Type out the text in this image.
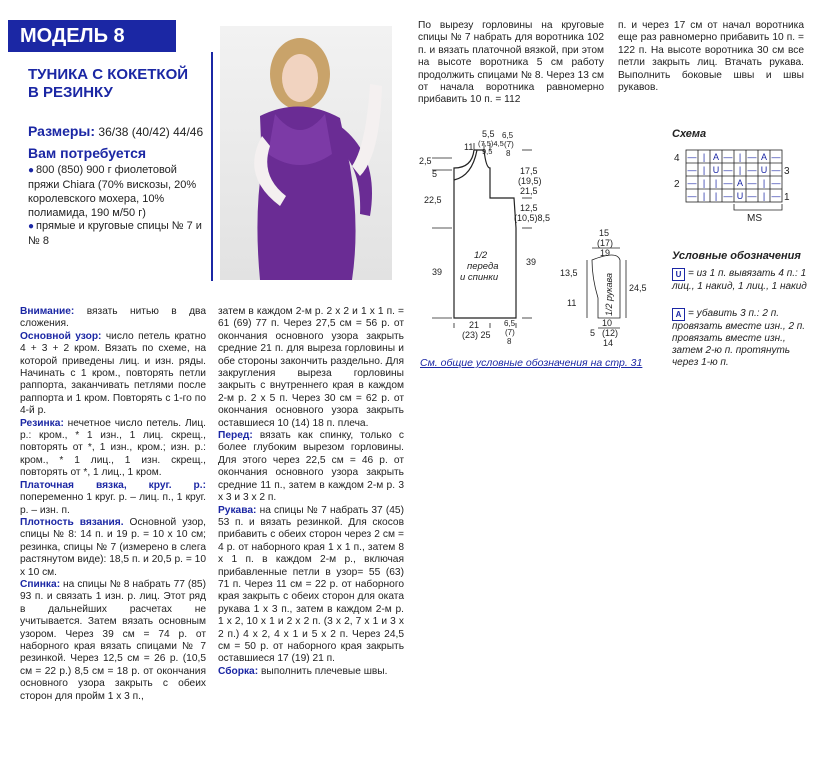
МОДЕЛЬ 8
ТУНИКА С КОКЕТКОЙ
В РЕЗИНКУ
Размеры: 36/38 (40/42) 44/46
Вам потребуется
● 800 (850) 900 г фиолетовой пряжи Chiara (70% вискозы, 20% королевского мохера, 10% полиамида, 190 м/50 г)
● прямые и круговые спицы № 7 и № 8

Внимание: вязать нитью в два сложения.

Основной узор: число петель кратно 4 + 3 + 2 кром. Вязать по схеме, на которой приведены лиц. и изн. ряды. Начинать с 1 кром., повторять петли раппорта, заканчивать петлями после раппорта и 1 кром. Повторять с 1-го по 4-й р.

Резинка: нечетное число петель. Лиц. р.: кром., * 1 изн., 1 лиц. скрещ., повторять от *, 1 изн., кром.; изн. р.: кром., * 1 лиц., 1 изн. скрещ., повторять от *, 1 лиц., 1 кром.

Платочная вязка, круг. р.: попеременно 1 круг. р. – лиц. п., 1 круг. р. – изн. п.

Плотность вязания. Основной узор, спицы № 8: 14 п. и 19 р. = 10 х 10 см; резинка, спицы № 7 (измерено в слега растянутом виде): 18,5 п. и 20,5 р. = 10 х 10 см.

Спинка: на спицы № 8 набрать 77 (85) 93 п. и связать 1 изн. р. лиц. Этот ряд в дальнейших расчетах не учитывается. Затем вязать основным узором. Через 39 см = 74 р. от наборного края вязать спицами № 7 резинкой. Через 12,5 см = 26 р. (10,5 см = 22 р.) 8,5 см = 18 р. от окончания основного узора закрыть с обеих сторон для пройм 1 х 3 п.,

затем в каждом 2-м р. 2 х 2 и 1 х 1 п. = 61 (69) 77 п. Через 27,5 см = 56 р. от окончания основного узора закрыть средние 21 п. для выреза горловины и обе стороны закончить раздельно. Для закругления выреза горловины закрыть с внутреннего края в каждом 2-м р. 2 х 5 п. Через 30 см = 62 р. от окончания основного узора закрыть оставшиеся 10 (14) 18 п. плеча.

Перед: вязать как спинку, только с более глубоким вырезом горловины. Для этого через 22,5 см = 46 р. от окончания основного узора закрыть средние 11 п., затем в каждом 2-м р. 3 х 3 и 3 х 2 п.

Рукава: на спицы № 7 набрать 37 (45) 53 п. и вязать резинкой. Для скосов прибавить с обеих сторон через 2 см = 4 р. от наборного края 1 х 1 п., затем 8 х 1 п. в каждом 2-м р., включая прибавленные петли в узор= 55 (63) 71 п. Через 11 см = 22 р. от наборного края закрыть с обеих сторон для оката рукава 1 х 3 п., затем в каждом 2-м р. 1 х 2, 10 х 1 и 2 х 2 п. (3 х 2, 7 х 1 и 3 х 2 п.) 4 х 2, 4 х 1 и 5 х 2 п. Через 24,5 см = 50 р. от наборного края закрыть оставшиеся 17 (19) 21 п.

Сборка: выполнить плечевые швы.

По вырезу горловины на круговые спицы № 7 набрать для воротника 102 п. и вязать платочной вязкой, при этом на высоте воротника 5 см работу продолжить спицами № 8. Через 13 см от начала воротника равномерно прибавить 10 п. = 112
п. и через 17 см от начал воротника еще раз равномерно прибавить 10 п. = 122 п. На высоте воротника 30 см все петли закрыть лиц. Втачать рукава. Выполнить боковые швы и швы рукавов.
11
5,5
(7,5)4,5
9,5
6,5
(7)
8
2,5
5
22,5
17,5
(19,5)
21,5
12,5
(10,5)8,5
39
39
21
(23) 25
6,5
(7)
8
1/2
переда
и спинки
15
(17)
19
13,5
11
24,5
5
10
(12)
14
1/2 рукава
См. общие условные обозначения на стр. 31
Схема
4
2
3
1
MS
A	A
| — | —
—	—
U	U
— | — | — —
A
— | | — — | —
U
— | | — — | —
Условные обозначения
U = из 1 п. вывязать 4 п.: 1 лиц., 1 накид, 1 лиц., 1 накид
A = убавить 3 п.: 2 п. провязать вместе изн., 2 п. провязать вместе изн., затем 2-ю п. протянуть через 1-ю п.
